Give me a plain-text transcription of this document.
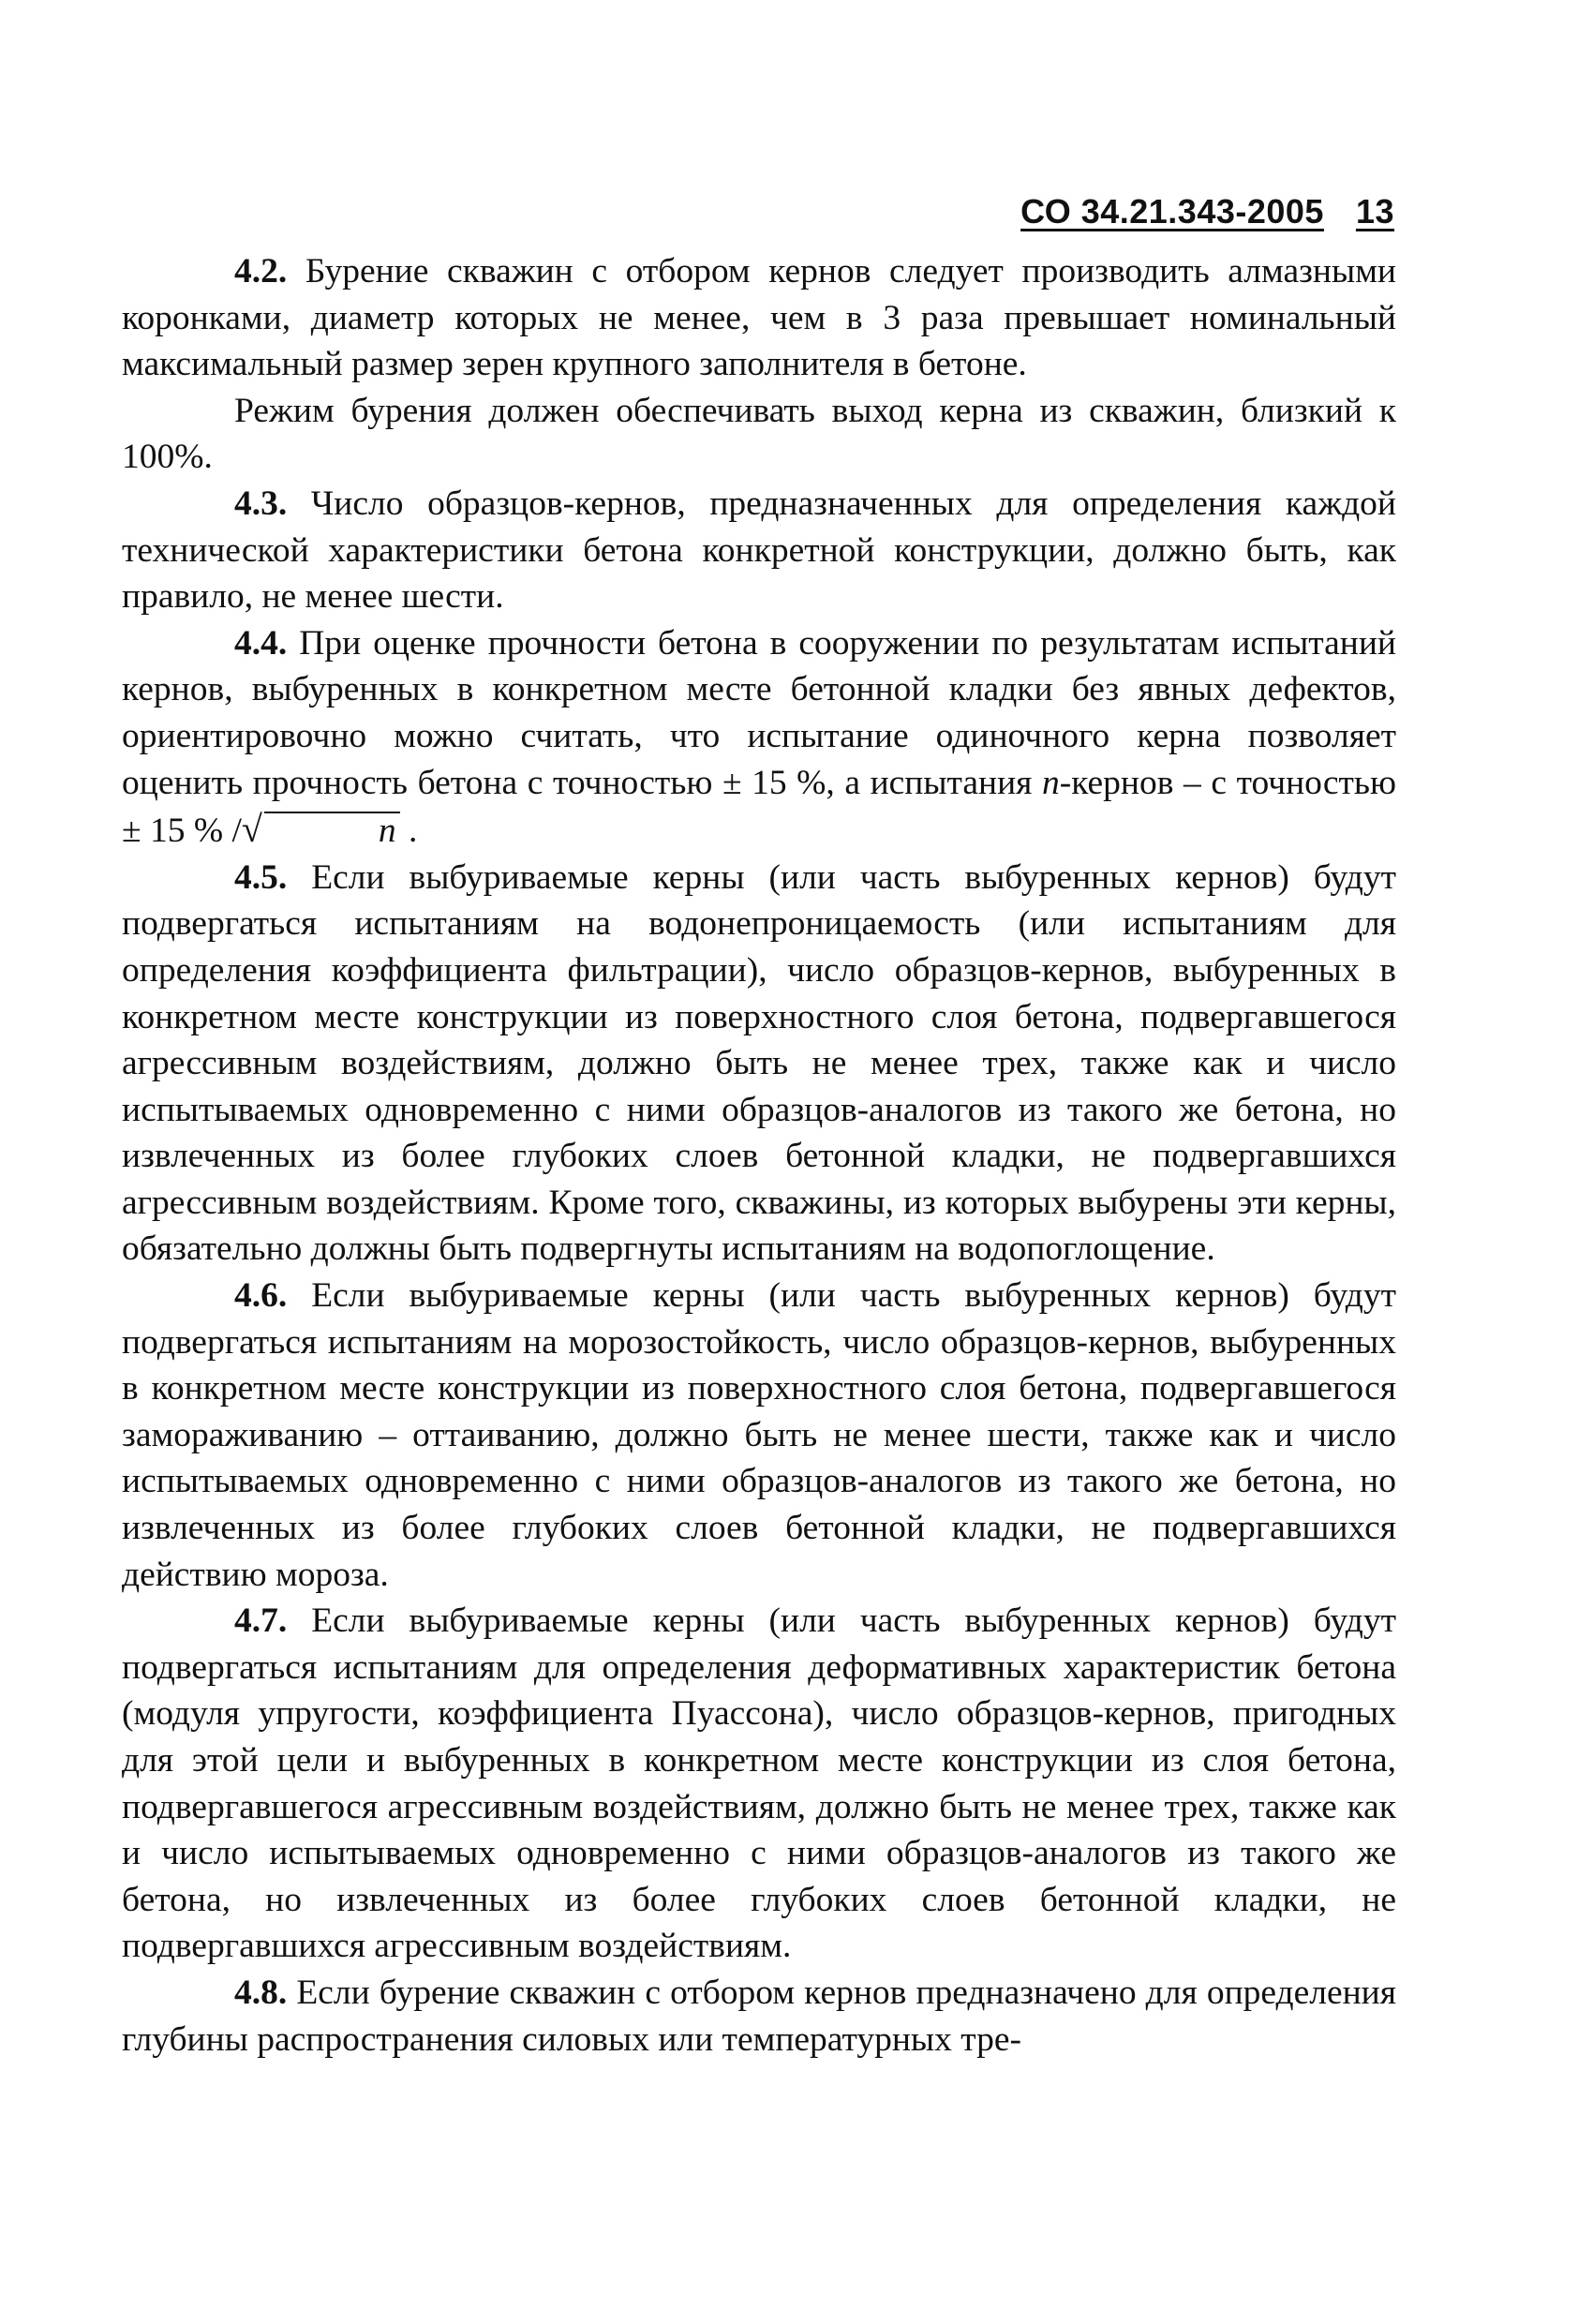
СО 34.21.343-2005 13

4.2. Бурение скважин с отбором кернов следует производить алмазными коронками, диаметр которых не менее, чем в 3 раза превышает номинальный максимальный размер зерен крупного заполнителя в бетоне.

Режим бурения должен обеспечивать выход керна из скважин, близкий к 100%.

4.3. Число образцов-кернов, предназначенных для определения каждой технической характеристики бетона конкретной конструкции, должно быть, как правило, не менее шести.

4.4. При оценке прочности бетона в сооружении по результатам испытаний кернов, выбуренных в конкретном месте бетонной кладки без явных дефектов, ориентировочно можно считать, что испытание одиночного керна позволяет оценить прочность бетона с точностью ± 15 %, а испытания n-кернов – с точностью ± 15 % /√	n .

4.5. Если выбуриваемые керны (или часть выбуренных кернов) будут подвергаться испытаниям на водонепроницаемость (или испытаниям для определения коэффициента фильтрации), число образцов-кернов, выбуренных в конкретном месте конструкции из поверхностного слоя бетона, подвергавшегося агрессивным воздействиям, должно быть не менее трех, также как и число испытываемых одновременно с ними образцов-аналогов из такого же бетона, но извлеченных из более глубоких слоев бетонной кладки, не подвергавшихся агрессивным воздействиям. Кроме того, скважины, из которых выбурены эти керны, обязательно должны быть подвергнуты испытаниям на водопоглощение.

4.6. Если выбуриваемые керны (или часть выбуренных кернов) будут подвергаться испытаниям на морозостойкость, число образцов-кернов, выбуренных в конкретном месте конструкции из поверхностного слоя бетона, подвергавшегося замораживанию – оттаиванию, должно быть не менее шести, также как и число испытываемых одновременно с ними образцов-аналогов из такого же бетона, но извлеченных из более глубоких слоев бетонной кладки, не подвергавшихся действию мороза.

4.7. Если выбуриваемые керны (или часть выбуренных кернов) будут подвергаться испытаниям для определения деформативных характеристик бетона (модуля упругости, коэффициента Пуассона), число образцов-кернов, пригодных для этой цели и выбуренных в конкретном месте конструкции из слоя бетона, подвергавшегося агрессивным воздействиям, должно быть не менее трех, также как и число испытываемых одновременно с ними образцов-аналогов из такого же бетона, но извлеченных из более глубоких слоев бетонной кладки, не подвергавшихся агрессивным воздействиям.

4.8. Если бурение скважин с отбором кернов предназначено для определения глубины распространения силовых или температурных тре-
